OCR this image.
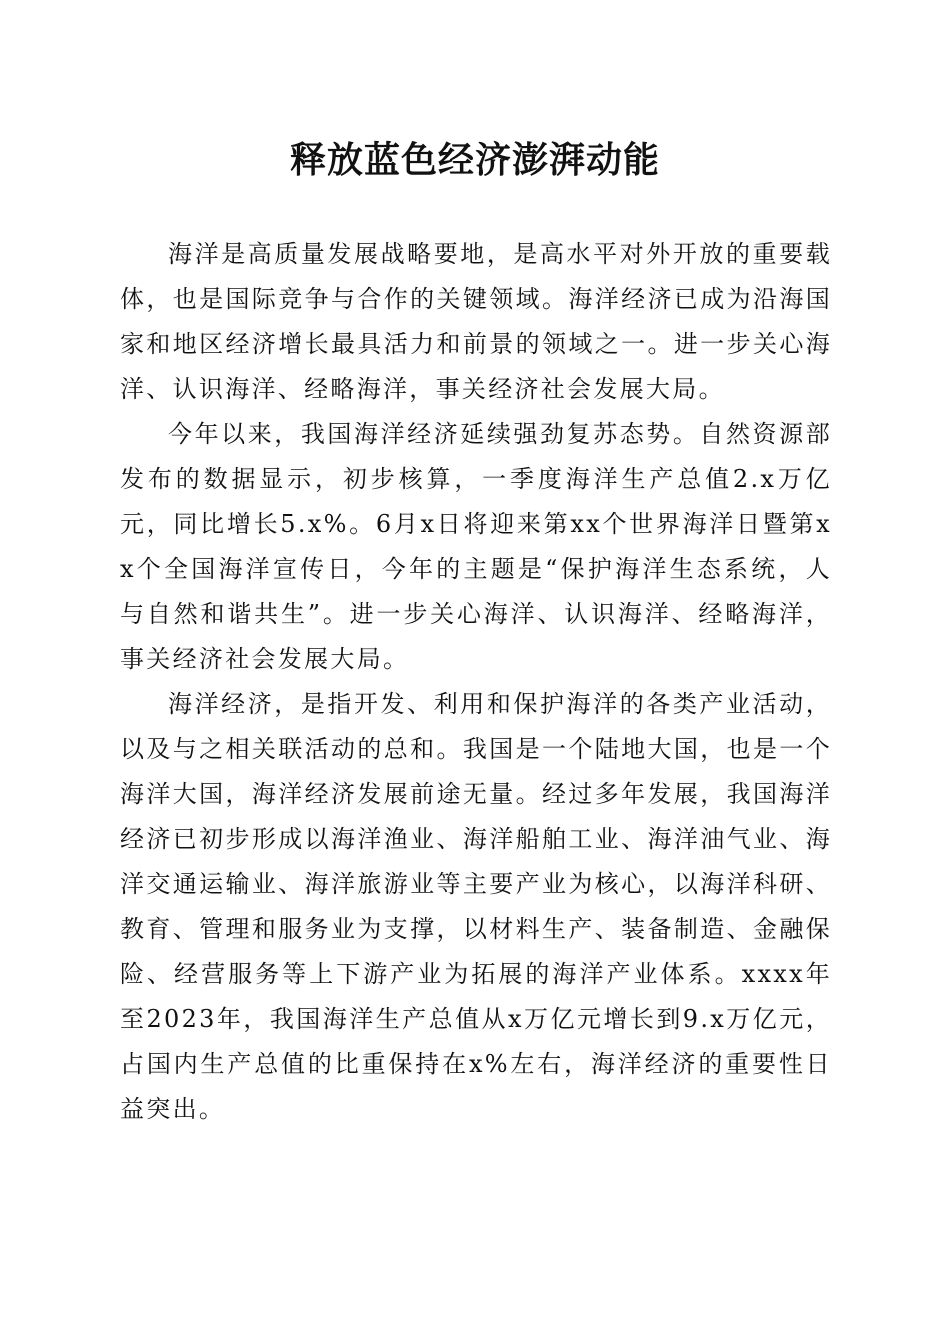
释放蓝色经济澎湃动能

海洋是高质量发展战略要地，是高水平对外开放的重要载体，也是国际竞争与合作的关键领域。海洋经济已成为沿海国家和地区经济增长最具活力和前景的领域之一。进一步关心海洋、认识海洋、经略海洋，事关经济社会发展大局。

今年以来，我国海洋经济延续强劲复苏态势。自然资源部发布的数据显示，初步核算，一季度海洋生产总值2.x万亿元，同比增长5.x%。6月x日将迎来第xx个世界海洋日暨第xx个全国海洋宣传日，今年的主题是“保护海洋生态系统，人与自然和谐共生”。进一步关心海洋、认识海洋、经略海洋，事关经济社会发展大局。

海洋经济，是指开发、利用和保护海洋的各类产业活动，以及与之相关联活动的总和。我国是一个陆地大国，也是一个海洋大国，海洋经济发展前途无量。经过多年发展，我国海洋经济已初步形成以海洋渔业、海洋船舶工业、海洋油气业、海洋交通运输业、海洋旅游业等主要产业为核心，以海洋科研、教育、管理和服务业为支撑，以材料生产、装备制造、金融保险、经营服务等上下游产业为拓展的海洋产业体系。xxxx年至2023年，我国海洋生产总值从x万亿元增长到9.x万亿元，占国内生产总值的比重保持在x%左右，海洋经济的重要性日益突出。
